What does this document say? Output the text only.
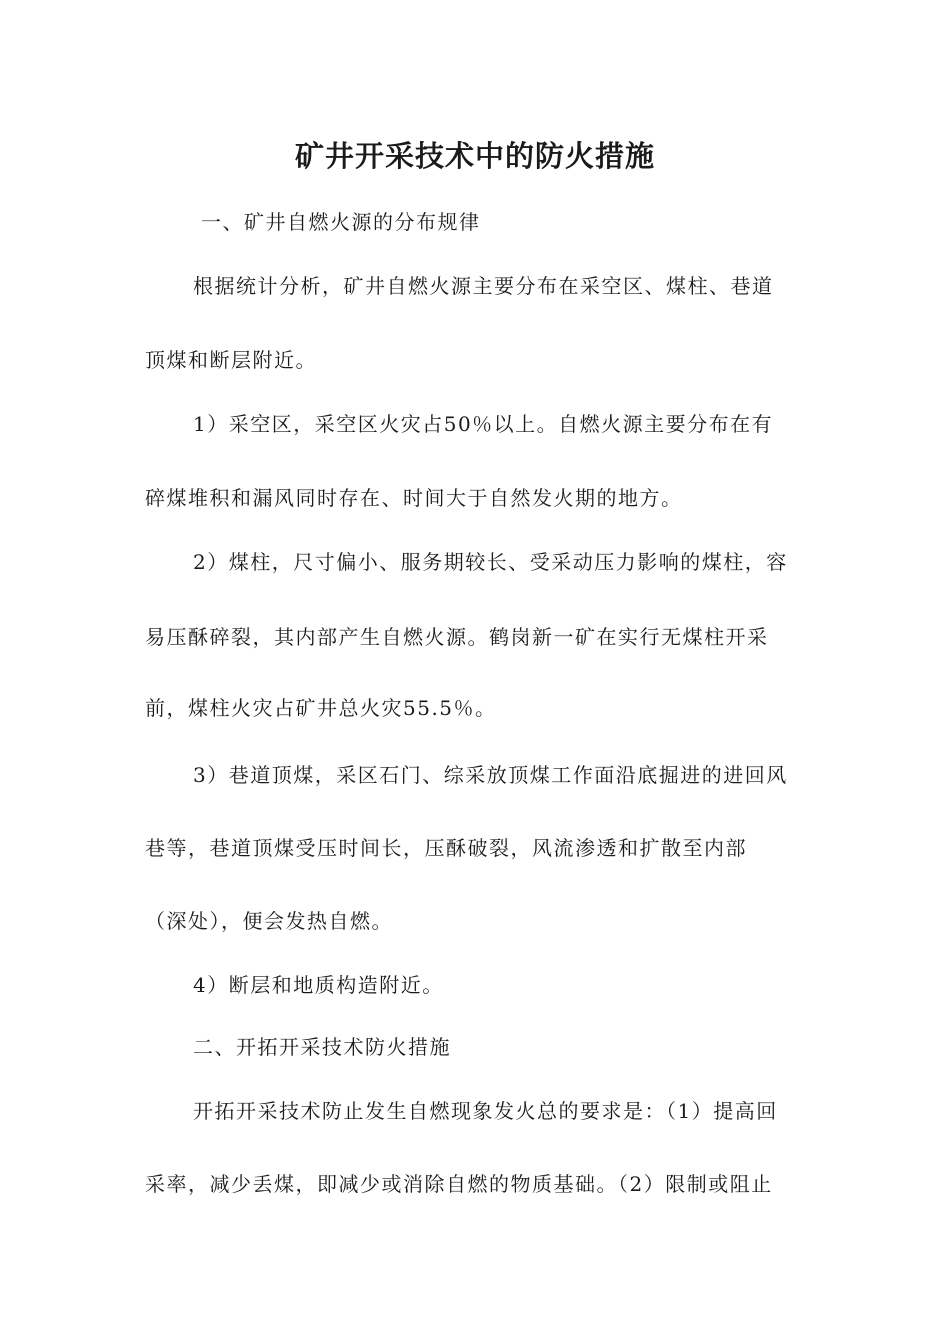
矿井开采技术中的防火措施
一、矿井自燃火源的分布规律
根据统计分析，矿井自燃火源主要分布在采空区、煤柱、巷道
顶煤和断层附近。
1）采空区，采空区火灾占50％以上。自燃火源主要分布在有
碎煤堆积和漏风同时存在、时间大于自然发火期的地方。
2）煤柱，尺寸偏小、服务期较长、受采动压力影响的煤柱，容
易压酥碎裂，其内部产生自燃火源。鹤岗新一矿在实行无煤柱开采
前，煤柱火灾占矿井总火灾55.5％。
3）巷道顶煤，采区石门、综采放顶煤工作面沿底掘进的进回风
巷等，巷道顶煤受压时间长，压酥破裂，风流渗透和扩散至内部
（深处），便会发热自燃。
4）断层和地质构造附近。
二、开拓开采技术防火措施
开拓开采技术防止发生自燃现象发火总的要求是：（1）提高回
采率，减少丢煤，即减少或消除自燃的物质基础。（2）限制或阻止
